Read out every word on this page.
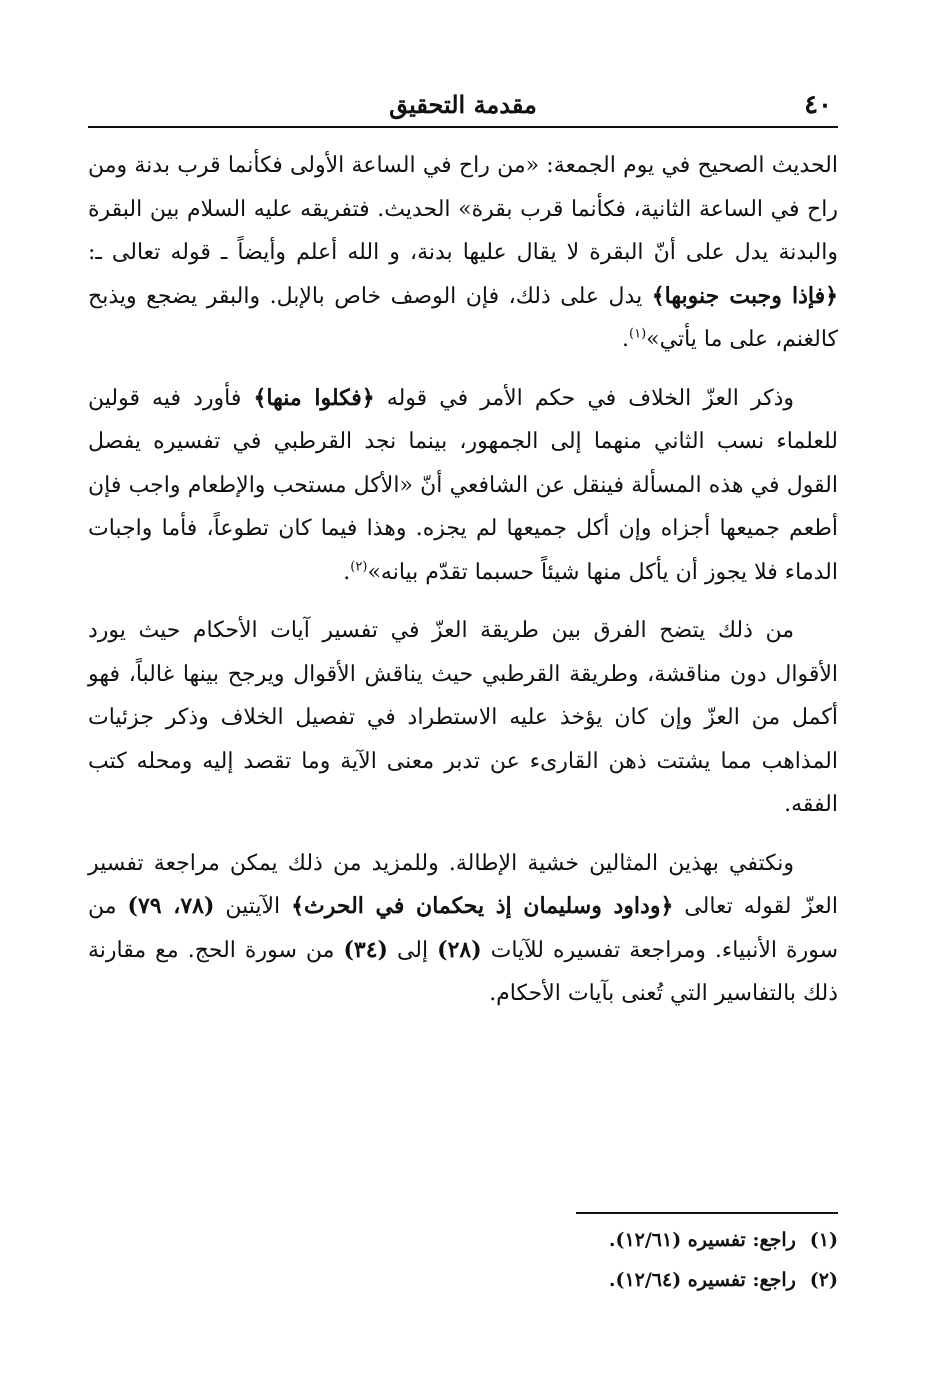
٤٠
مقدمة التحقيق

الحديث الصحيح في يوم الجمعة: «من راح في الساعة الأولى فكأنما قرب بدنة ومن راح في الساعة الثانية، فكأنما قرب بقرة» الحديث. فتفريقه عليه السلام بين البقرة والبدنة يدل على أنّ البقرة لا يقال عليها بدنة، و الله أعلم وأيضاً ـ قوله تعالى ـ: ﴿فإذا وجبت جنوبها﴾ يدل على ذلك، فإن الوصف خاص بالإبل. والبقر يضجع ويذبح كالغنم، على ما يأتي»$^{(١)}$.

وذكر العزّ الخلاف في حكم الأمر في قوله ﴿فكلوا منها﴾ فأورد فيه قولين للعلماء نسب الثاني منهما إلى الجمهور، بينما نجد القرطبي في تفسيره يفصل القول في هذه المسألة فينقل عن الشافعي أنّ «الأكل مستحب والإطعام واجب فإن أطعم جميعها أجزاه وإن أكل جميعها لم يجزه. وهذا فيما كان تطوعاً، فأما واجبات الدماء فلا يجوز أن يأكل منها شيئاً حسبما تقدّم بيانه»$^{(٢)}$.

من ذلك يتضح الفرق بين طريقة العزّ في تفسير آيات الأحكام حيث يورد الأقوال دون مناقشة، وطريقة القرطبي حيث يناقش الأقوال ويرجح بينها غالباً، فهو أكمل من العزّ وإن كان يؤخذ عليه الاستطراد في تفصيل الخلاف وذكر جزئيات المذاهب مما يشتت ذهن القارىء عن تدبر معنى الآية وما تقصد إليه ومحله كتب الفقه.

ونكتفي بهذين المثالين خشية الإطالة. وللمزيد من ذلك يمكن مراجعة تفسير العزّ لقوله تعالى ﴿وداود وسليمان إذ يحكمان في الحرث﴾ الآيتين (٧٨، ٧٩) من سورة الأنبياء. ومراجعة تفسيره للآيات (٢٨) إلى (٣٤) من سورة الحج. مع مقارنة ذلك بالتفاسير التي تُعنى بآيات الأحكام.

(١)راجع: تفسيره (١٢/٦١).
(٢)راجع: تفسيره (١٢/٦٤).
